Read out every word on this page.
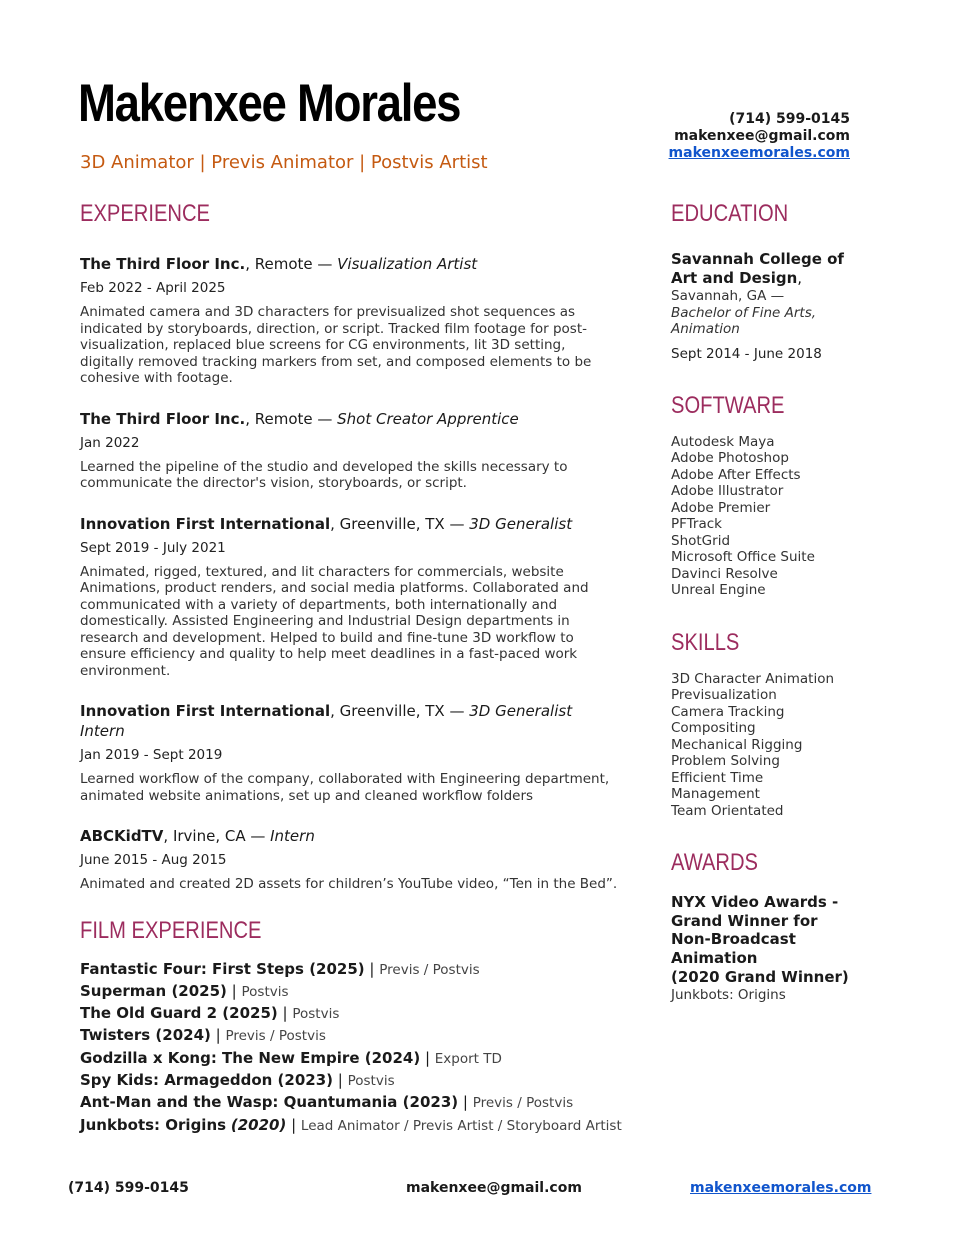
Makenxee Morales
3D Animator | Previs Animator | Postvis Artist
(714) 599-0145
makenxee@gmail.com
makenxeemorales.com
EXPERIENCE
The Third Floor Inc., Remote — Visualization Artist
Feb 2022 - April 2025
Animated camera and 3D characters for previsualized shot sequences as indicated by storyboards, direction, or script. Tracked film footage for post-visualization, replaced blue screens for CG environments, lit 3D setting, digitally removed tracking markers from set, and composed elements to be cohesive with footage.
The Third Floor Inc., Remote — Shot Creator Apprentice
Jan 2022
Learned the pipeline of the studio and developed the skills necessary to communicate the director's vision, storyboards, or script.
Innovation First International, Greenville, TX — 3D Generalist
Sept 2019 - July 2021
Animated, rigged, textured, and lit characters for commercials, website Animations, product renders, and social media platforms. Collaborated and communicated with a variety of departments, both internationally and domestically. Assisted Engineering and Industrial Design departments in research and development. Helped to build and fine-tune 3D workflow to ensure efficiency and quality to help meet deadlines in a fast-paced work environment.
Innovation First International, Greenville, TX — 3D Generalist Intern
Jan 2019 - Sept 2019
Learned workflow of the company, collaborated with Engineering department, animated website animations, set up and cleaned workflow folders
ABCKidTV, Irvine, CA — Intern
June 2015 - Aug 2015
Animated and created 2D assets for children’s YouTube video, “Ten in the Bed”.
FILM EXPERIENCE
Fantastic Four: First Steps (2025) | Previs / Postvis
Superman (2025) | Postvis
The Old Guard 2 (2025) | Postvis
Twisters (2024) | Previs / Postvis
Godzilla x Kong: The New Empire (2024) | Export TD
Spy Kids: Armageddon (2023) | Postvis
Ant-Man and the Wasp: Quantumania (2023) | Previs / Postvis
Junkbots: Origins (2020) | Lead Animator / Previs Artist / Storyboard Artist
EDUCATION
Savannah College of Art and Design,
Savannah, GA —
Bachelor of Fine Arts, Animation
Sept 2014 - June 2018
SOFTWARE
Autodesk Maya
Adobe Photoshop
Adobe After Effects
Adobe Illustrator
Adobe Premier
PFTrack
ShotGrid
Microsoft Office Suite
Davinci Resolve
Unreal Engine
SKILLS
3D Character Animation
Previsualization
Camera Tracking
Compositing
Mechanical Rigging
Problem Solving
Efficient Time
Management
Team Orientated
AWARDS
NYX Video Awards -
Grand Winner for
Non-Broadcast
Animation
(2020 Grand Winner)
Junkbots: Origins
(714) 599-0145	makenxee@gmail.com	makenxeemorales.com
